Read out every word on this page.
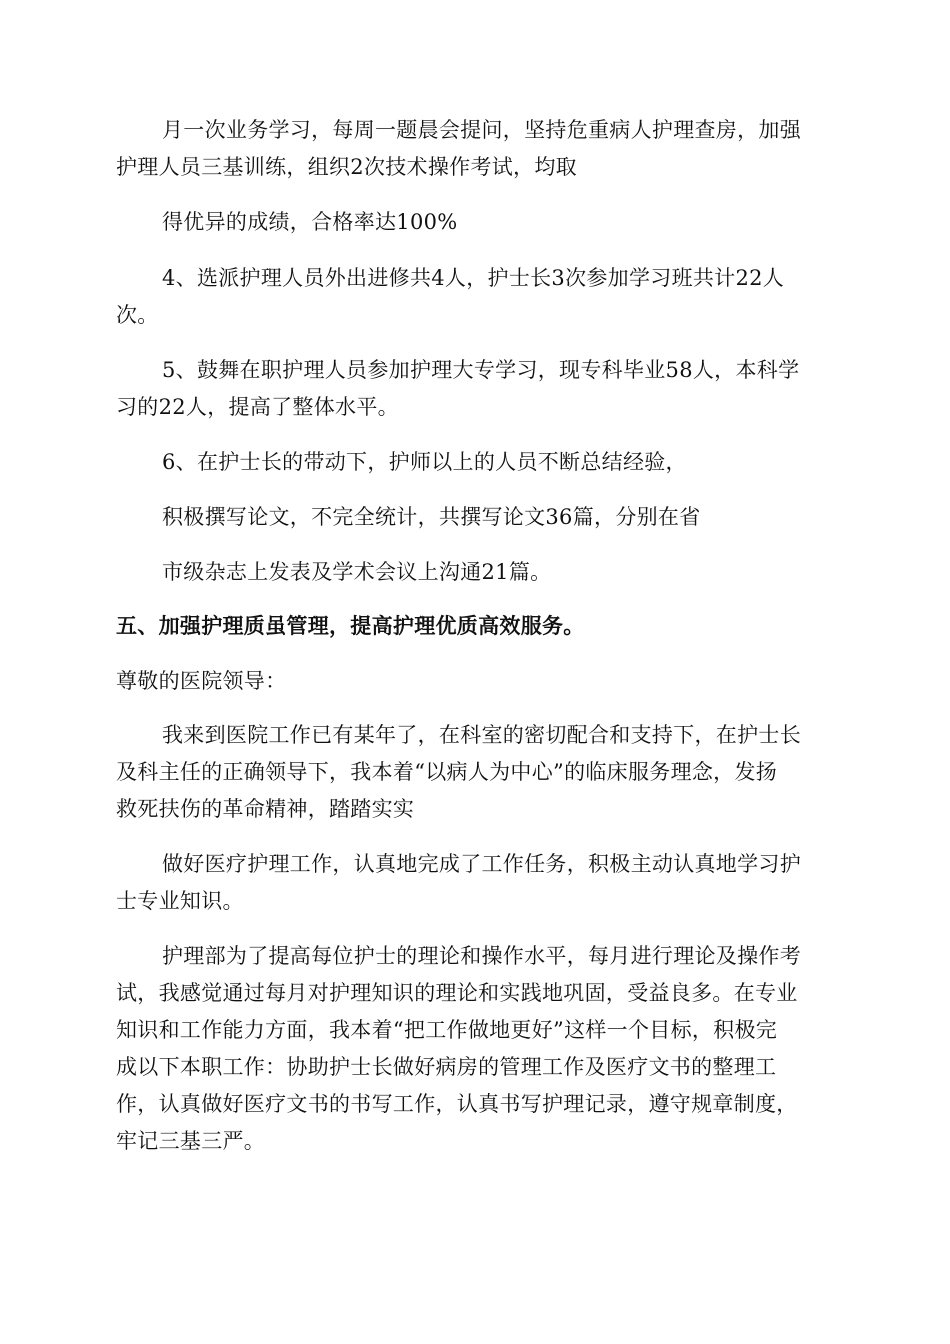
月一次业务学习，每周一题晨会提问，坚持危重病人护理查房，加强
护理人员三基训练，组织2次技术操作考试，均取
得优异的成绩，合格率达100%
4、选派护理人员外出进修共4人，护士长3次参加学习班共计22人
次。
5、鼓舞在职护理人员参加护理大专学习，现专科毕业58人，本科学
习的22人，提高了整体水平。
6、在护士长的带动下，护师以上的人员不断总结经验，
积极撰写论文，不完全统计，共撰写论文36篇，分别在省
市级杂志上发表及学术会议上沟通21篇。
五、加强护理质虽管理，提高护理优质高效服务。
尊敬的医院领导：
我来到医院工作已有某年了，在科室的密切配合和支持下，在护士长
及科主任的正确领导下，我本着“以病人为中心”的临床服务理念，发扬
救死扶伤的革命精神，踏踏实实
做好医疗护理工作，认真地完成了工作任务，积极主动认真地学习护
士专业知识。
护理部为了提高每位护士的理论和操作水平，每月进行理论及操作考
试，我感觉通过每月对护理知识的理论和实践地巩固，受益良多。在专业
知识和工作能力方面，我本着“把工作做地更好”这样一个目标，积极完
成以下本职工作：协助护士长做好病房的管理工作及医疗文书的整理工
作，认真做好医疗文书的书写工作，认真书写护理记录，遵守规章制度，
牢记三基三严。
